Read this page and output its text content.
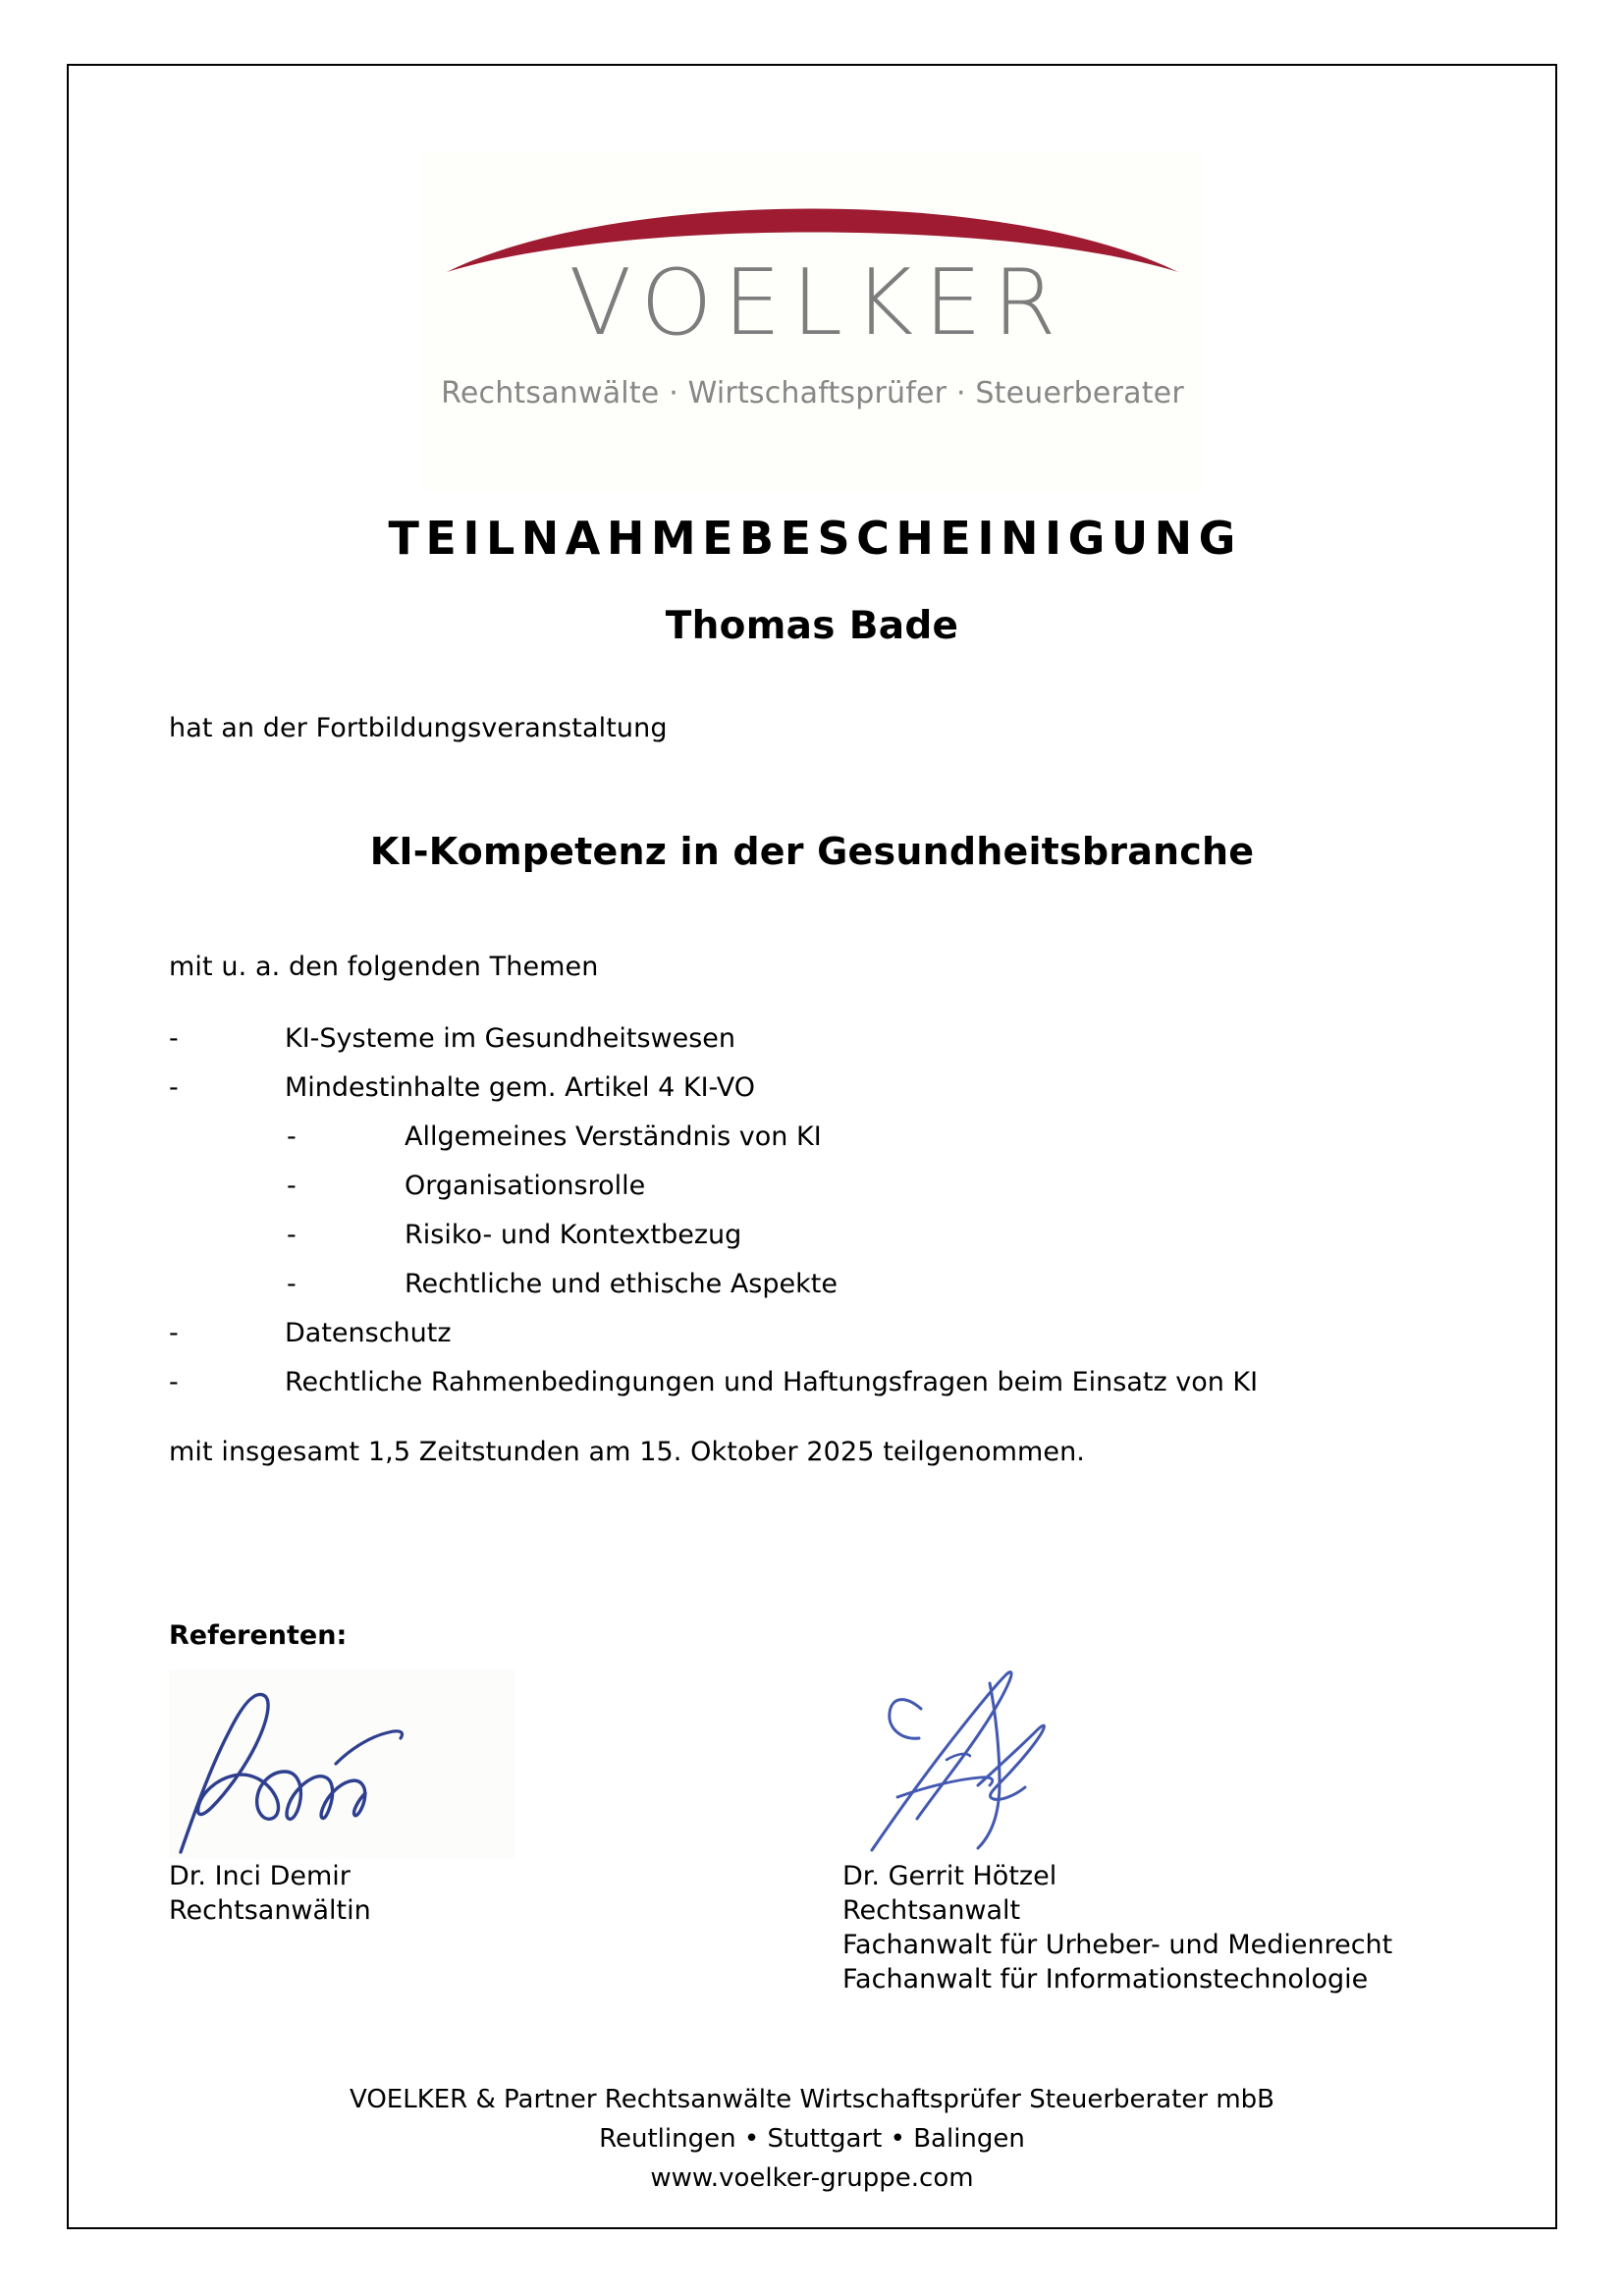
VOELKER
Rechtsanwälte · Wirtschaftsprüfer · Steuerberater
TEILNAHMEBESCHEINIGUNG
Thomas Bade
hat an der Fortbildungsveranstaltung
KI-Kompetenz in der Gesundheitsbranche
mit u. a. den folgenden Themen
-	KI-Systeme im Gesundheitswesen
-	Mindestinhalte gem. Artikel 4 KI-VO
-	Allgemeines Verständnis von KI
-	Organisationsrolle
-	Risiko- und Kontextbezug
-	Rechtliche und ethische Aspekte
-	Datenschutz
-	Rechtliche Rahmenbedingungen und Haftungsfragen beim Einsatz von KI
mit insgesamt 1,5 Zeitstunden am 15. Oktober 2025 teilgenommen.
Referenten:
Dr. Inci Demir
Rechtsanwältin
Dr. Gerrit Hötzel
Rechtsanwalt
Fachanwalt für Urheber- und Medienrecht
Fachanwalt für Informationstechnologie
VOELKER & Partner Rechtsanwälte Wirtschaftsprüfer Steuerberater mbB
Reutlingen • Stuttgart • Balingen
www.voelker-gruppe.com
